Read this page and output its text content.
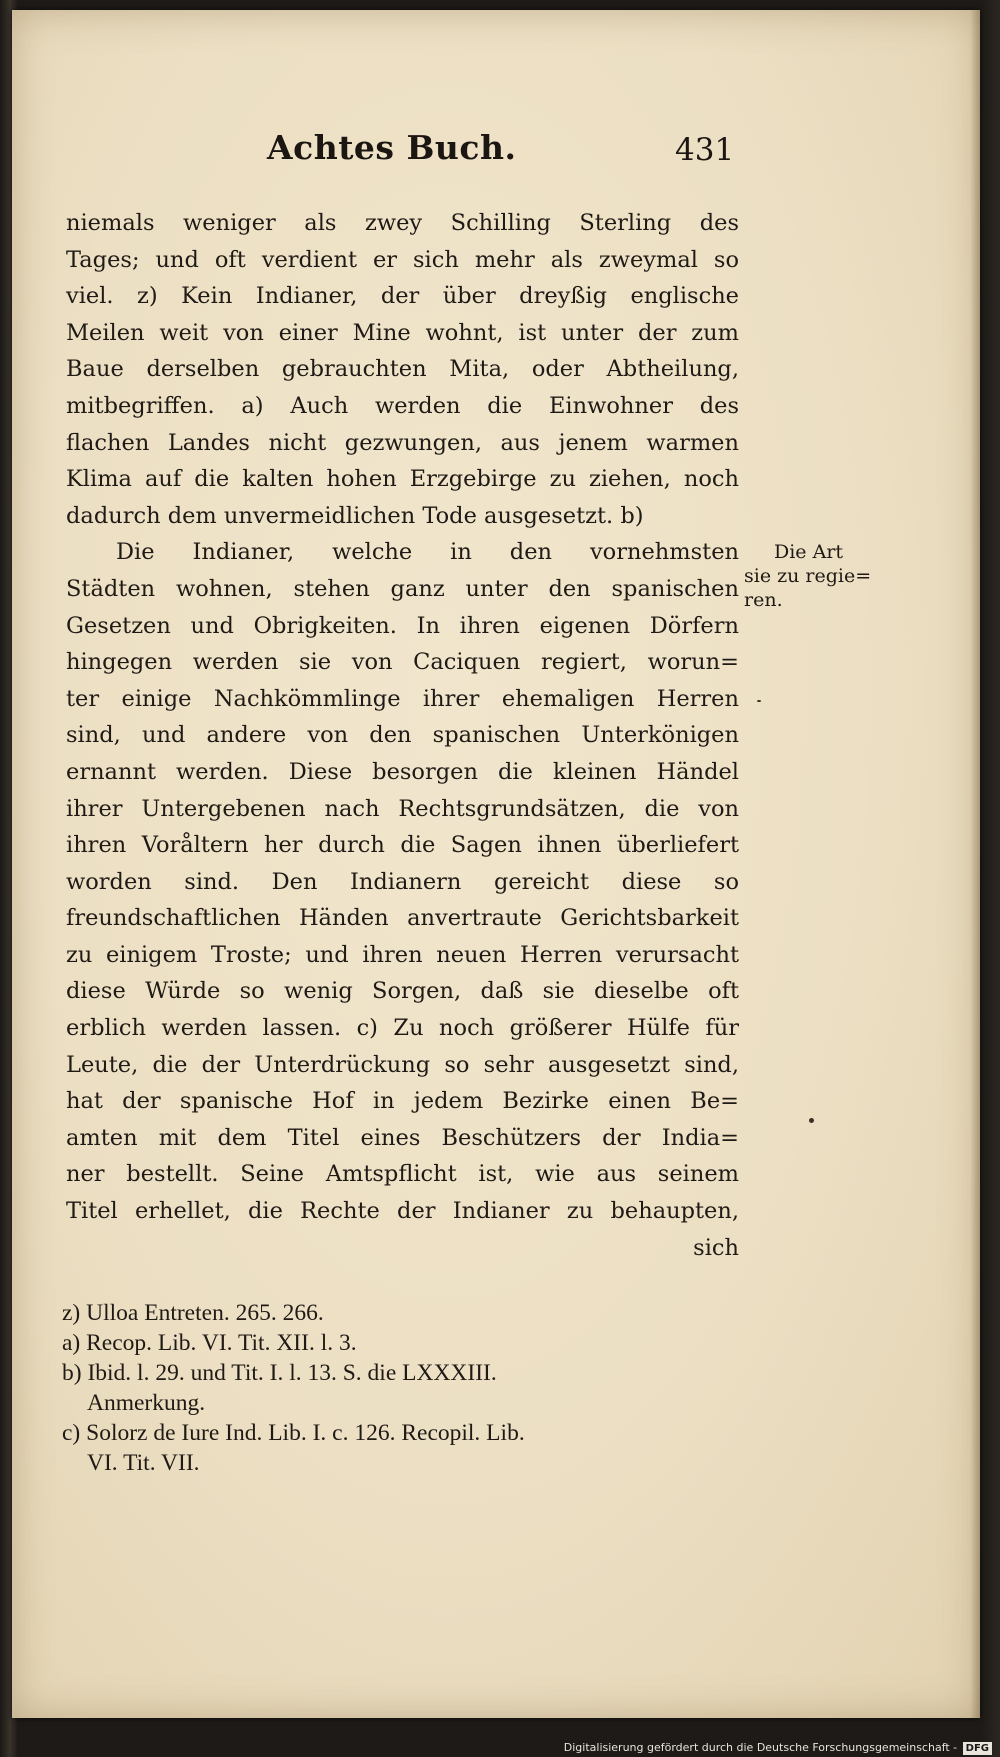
Achtes Buch.	431
niemals weniger als zwey Schilling Sterling des
Tages; und oft verdient er sich mehr als zweymal so
viel. z) Kein Indianer, der über dreyßig englische
Meilen weit von einer Mine wohnt, ist unter der zum
Baue derselben gebrauchten Mita, oder Abtheilung,
mitbegriffen. a) Auch werden die Einwohner des
flachen Landes nicht gezwungen, aus jenem warmen
Klima auf die kalten hohen Erzgebirge zu ziehen, noch
dadurch dem unvermeidlichen Tode ausgesetzt. b)
Die Indianer, welche in den vornehmsten
Städten wohnen, stehen ganz unter den spanischen
Gesetzen und Obrigkeiten. In ihren eigenen Dörfern
hingegen werden sie von Caciquen regiert, worun=
ter einige Nachkömmlinge ihrer ehemaligen Herren
sind, und andere von den spanischen Unterkönigen
ernannt werden. Diese besorgen die kleinen Händel
ihrer Untergebenen nach Rechtsgrundsätzen, die von
ihren Voråltern her durch die Sagen ihnen überliefert
worden sind. Den Indianern gereicht diese so
freundschaftlichen Händen anvertraute Gerichtsbarkeit
zu einigem Troste; und ihren neuen Herren verursacht
diese Würde so wenig Sorgen, daß sie dieselbe oft
erblich werden lassen. c) Zu noch größerer Hülfe für
Leute, die der Unterdrückung so sehr ausgesetzt sind,
hat der spanische Hof in jedem Bezirke einen Be=
amten mit dem Titel eines Beschützers der India=
ner bestellt. Seine Amtspflicht ist, wie aus seinem
Titel erhellet, die Rechte der Indianer zu behaupten,
sich
Die Art
sie zu regie=
ren.
z) Ulloa Entreten. 265. 266.
a) Recop. Lib. VI. Tit. XII. l. 3.
b) Ibid. l. 29. und Tit. I. l. 13. S. die LXXXIII.
Anmerkung.
c) Solorz de Iure Ind. Lib. I. c. 126. Recopil. Lib.
VI. Tit. VII.
Digitalisierung gefördert durch die Deutsche Forschungsgemeinschaft - DFG
